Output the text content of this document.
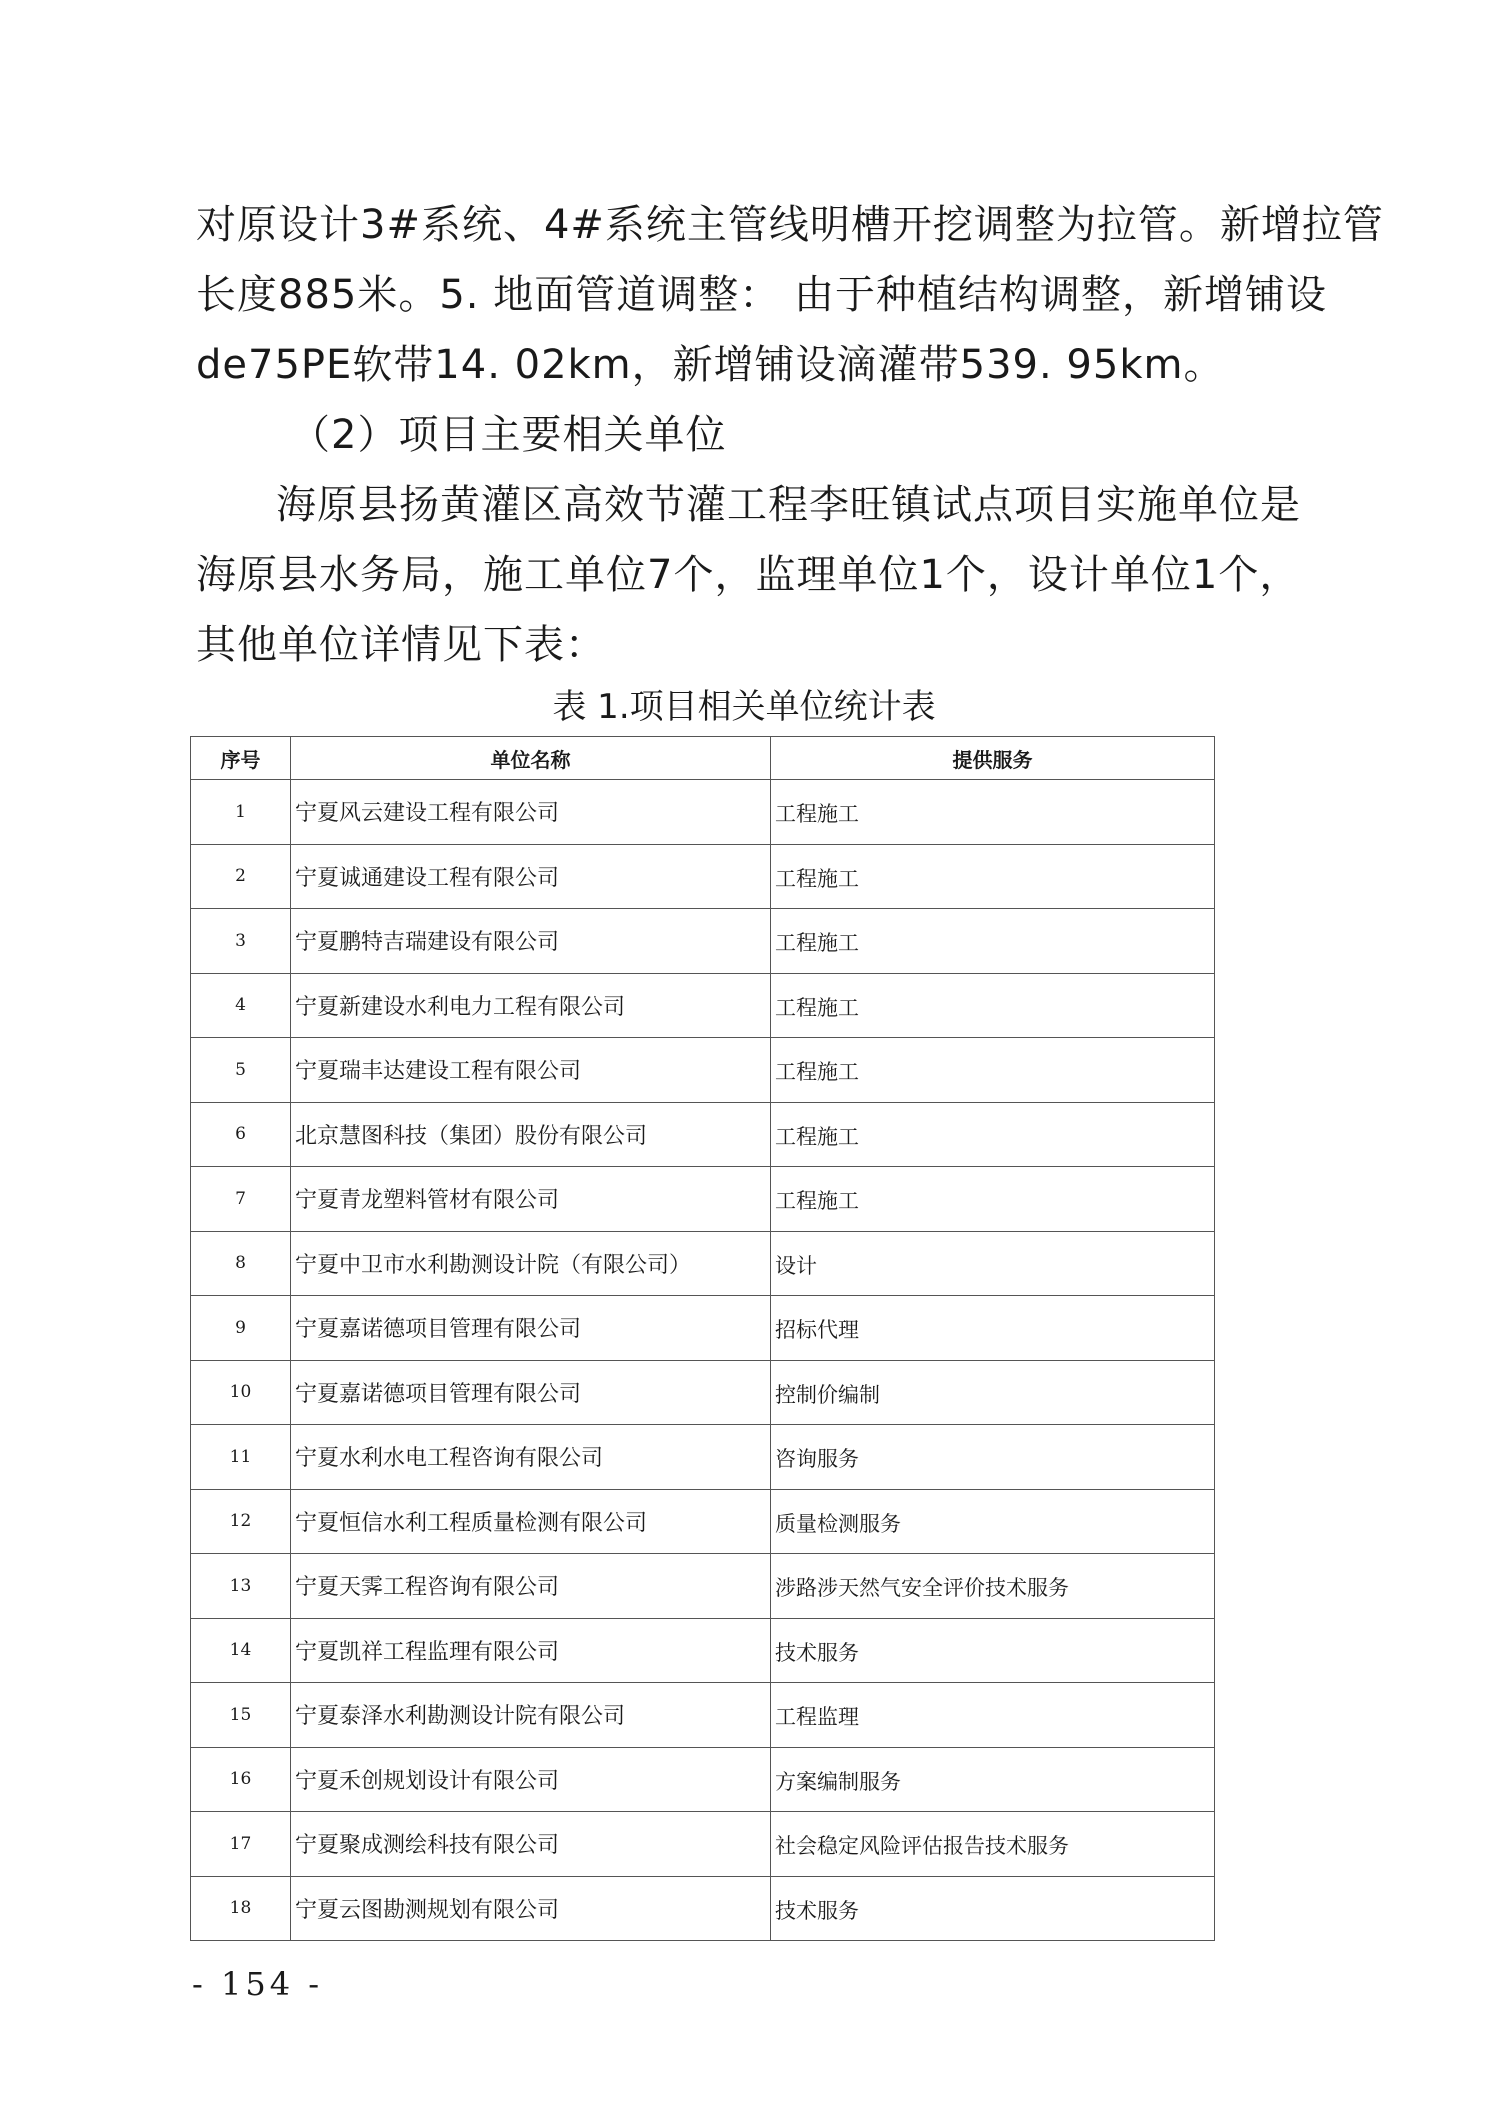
对原设计3#系统、4#系统主管线明槽开挖调整为拉管。新增拉管
长度885米。5. 地面管道调整： 由于种植结构调整，新增铺设
de75PE软带14. 02km，新增铺设滴灌带539. 95km。
（2）项目主要相关单位
海原县扬黄灌区高效节灌工程李旺镇试点项目实施单位是海原县水务局，施工单位7个，监理单位1个，设计单位1个，其他单位详情见下表：
表 1.项目相关单位统计表
序号	单位名称	提供服务
1	宁夏风云建设工程有限公司	工程施工
2	宁夏诚通建设工程有限公司	工程施工
3	宁夏鹏特吉瑞建设有限公司	工程施工
4	宁夏新建设水利电力工程有限公司	工程施工
5	宁夏瑞丰达建设工程有限公司	工程施工
6	北京慧图科技（集团）股份有限公司	工程施工
7	宁夏青龙塑料管材有限公司	工程施工
8	宁夏中卫市水利勘测设计院（有限公司）	设计
9	宁夏嘉诺德项目管理有限公司	招标代理
10	宁夏嘉诺德项目管理有限公司	控制价编制
11	宁夏水利水电工程咨询有限公司	咨询服务
12	宁夏恒信水利工程质量检测有限公司	质量检测服务
13	宁夏天霁工程咨询有限公司	涉路涉天然气安全评价技术服务
14	宁夏凯祥工程监理有限公司	技术服务
15	宁夏泰泽水利勘测设计院有限公司	工程监理
16	宁夏禾创规划设计有限公司	方案编制服务
17	宁夏聚成测绘科技有限公司	社会稳定风险评估报告技术服务
18	宁夏云图勘测规划有限公司	技术服务
- 154 -
